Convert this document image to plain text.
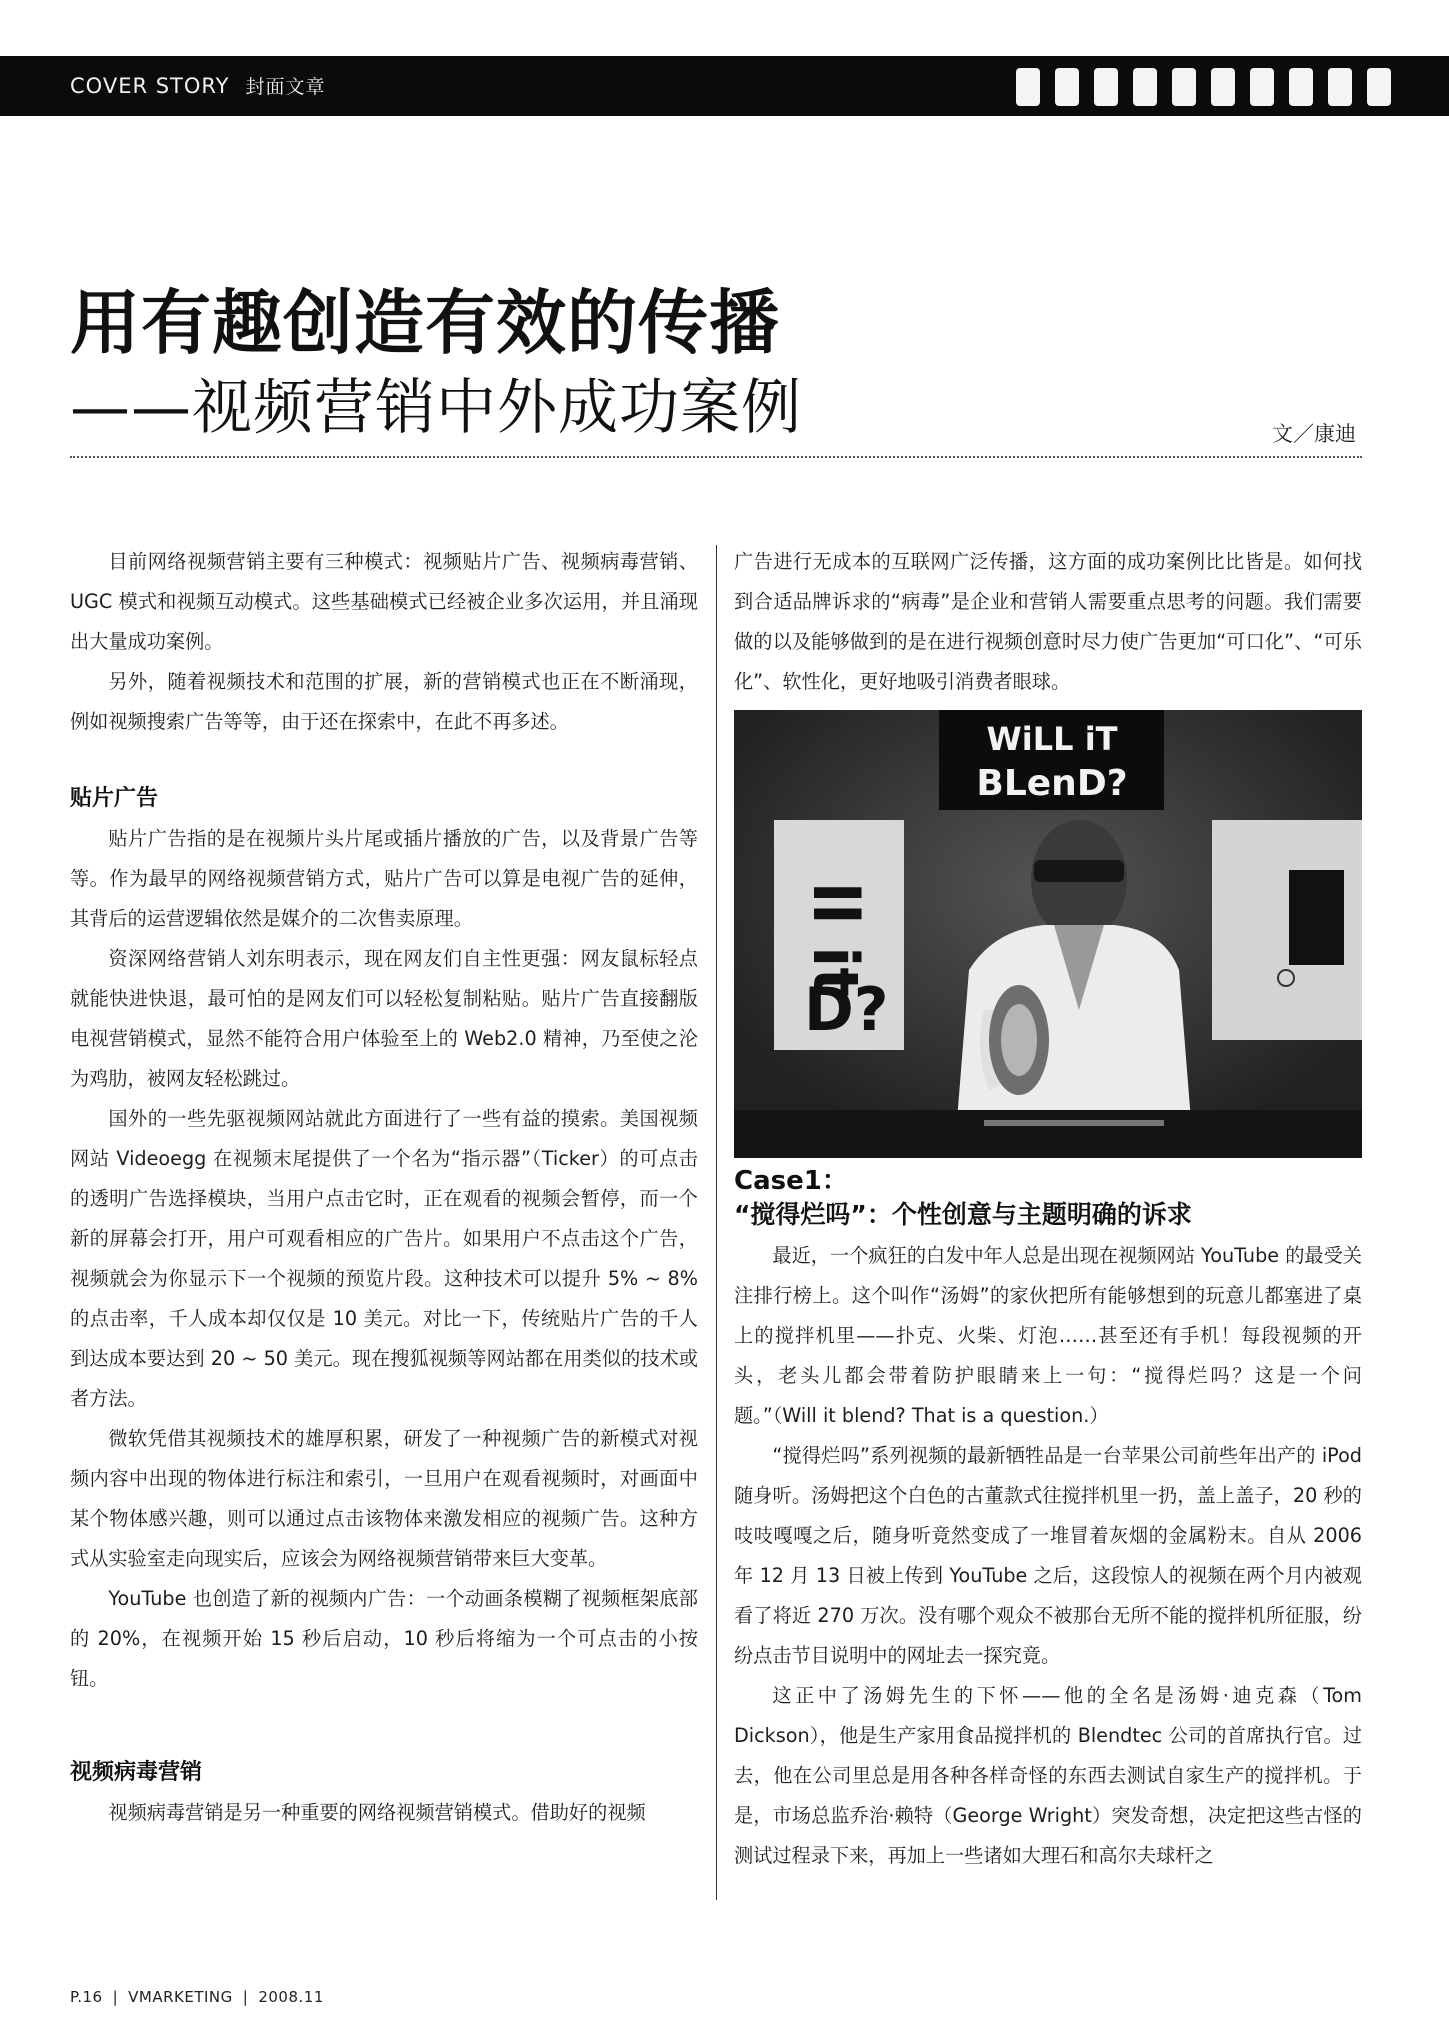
COVER STORY 封面文章
用有趣创造有效的传播
——视频营销中外成功案例	文／康迪

目前网络视频营销主要有三种模式：视频贴片广告、视频病毒营销、UGC 模式和视频互动模式。这些基础模式已经被企业多次运用，并且涌现出大量成功案例。

另外，随着视频技术和范围的扩展，新的营销模式也正在不断涌现，例如视频搜索广告等等，由于还在探索中，在此不再多述。

贴片广告

贴片广告指的是在视频片头片尾或插片播放的广告，以及背景广告等等。作为最早的网络视频营销方式，贴片广告可以算是电视广告的延伸，其背后的运营逻辑依然是媒介的二次售卖原理。

资深网络营销人刘东明表示，现在网友们自主性更强：网友鼠标轻点就能快进快退，最可怕的是网友们可以轻松复制粘贴。贴片广告直接翻版电视营销模式，显然不能符合用户体验至上的 Web2.0 精神，乃至使之沦为鸡肋，被网友轻松跳过。

国外的一些先驱视频网站就此方面进行了一些有益的摸索。美国视频网站 Videoegg 在视频末尾提供了一个名为“指示器”（Ticker）的可点击的透明广告选择模块，当用户点击它时，正在观看的视频会暂停，而一个新的屏幕会打开，用户可观看相应的广告片。如果用户不点击这个广告，视频就会为你显示下一个视频的预览片段。这种技术可以提升 5% ~ 8% 的点击率，千人成本却仅仅是 10 美元。对比一下，传统贴片广告的千人到达成本要达到 20 ~ 50 美元。现在搜狐视频等网站都在用类似的技术或者方法。

微软凭借其视频技术的雄厚积累，研发了一种视频广告的新模式对视频内容中出现的物体进行标注和索引，一旦用户在观看视频时，对画面中某个物体感兴趣，则可以通过点击该物体来激发相应的视频广告。这种方式从实验室走向现实后，应该会为网络视频营销带来巨大变革。

YouTube 也创造了新的视频内广告：一个动画条模糊了视频框架底部的 20%，在视频开始 15 秒后启动，10 秒后将缩为一个可点击的小按钮。

视频病毒营销

视频病毒营销是另一种重要的网络视频营销模式。借助好的视频

广告进行无成本的互联网广泛传播，这方面的成功案例比比皆是。如何找到合适品牌诉求的“病毒”是企业和营销人需要重点思考的问题。我们需要做的以及能够做到的是在进行视频创意时尽力使广告更加“可口化”、“可乐化”、软性化，更好地吸引消费者眼球。

ll it
D?
WiLL iT
BLenD?
Case1：
“搅得烂吗”：个性创意与主题明确的诉求

最近，一个疯狂的白发中年人总是出现在视频网站 YouTube 的最受关注排行榜上。这个叫作“汤姆”的家伙把所有能够想到的玩意儿都塞进了桌上的搅拌机里——扑克、火柴、灯泡……甚至还有手机！每段视频的开头，老头儿都会带着防护眼睛来上一句：“搅得烂吗？这是一个问题。”（Will it blend? That is a question.）

“搅得烂吗”系列视频的最新牺牲品是一台苹果公司前些年出产的 iPod 随身听。汤姆把这个白色的古董款式往搅拌机里一扔，盖上盖子，20 秒的吱吱嘎嘎之后，随身听竟然变成了一堆冒着灰烟的金属粉末。自从 2006 年 12 月 13 日被上传到 YouTube 之后，这段惊人的视频在两个月内被观看了将近 270 万次。没有哪个观众不被那台无所不能的搅拌机所征服，纷纷点击节目说明中的网址去一探究竟。

这正中了汤姆先生的下怀——他的全名是汤姆·迪克森（Tom Dickson），他是生产家用食品搅拌机的 Blendtec 公司的首席执行官。过去，他在公司里总是用各种各样奇怪的东西去测试自家生产的搅拌机。于是，市场总监乔治·赖特（George Wright）突发奇想，决定把这些古怪的测试过程录下来，再加上一些诸如大理石和高尔夫球杆之

P.16 | VMARKETING | 2008.11
